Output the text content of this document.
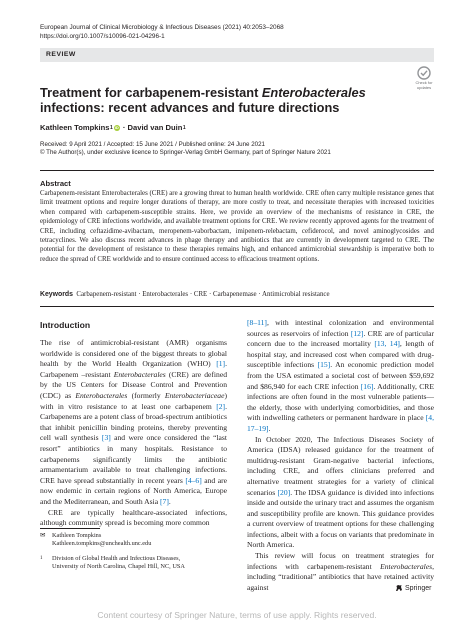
European Journal of Clinical Microbiology & Infectious Diseases (2021) 40:2053–2068
https://doi.org/10.1007/s10096-021-04296-1
REVIEW
Check for
updates
Treatment for carbapenem-resistant Enterobacterales infections: recent advances and future directions
Kathleen Tompkins 1 iD · David van Duin 1
Received: 9 April 2021 / Accepted: 15 June 2021 / Published online: 24 June 2021
© The Author(s), under exclusive licence to Springer-Verlag GmbH Germany, part of Springer Nature 2021
Abstract
Carbapenem-resistant Enterobacterales (CRE) are a growing threat to human health worldwide. CRE often carry multiple resistance genes that limit treatment options and require longer durations of therapy, are more costly to treat, and necessitate therapies with increased toxicities when compared with carbapenem-susceptible strains. Here, we provide an overview of the mechanisms of resistance in CRE, the epidemiology of CRE infections worldwide, and available treatment options for CRE. We review recently approved agents for the treatment of CRE, including ceftazidime-avibactam, meropenem-vaborbactam, imipenem-relebactam, cefiderocol, and novel aminoglycosides and tetracyclines. We also discuss recent advances in phage therapy and antibiotics that are currently in development targeted to CRE. The potential for the development of resistance to these therapies remains high, and enhanced antimicrobial stewardship is imperative both to reduce the spread of CRE worldwide and to ensure continued access to efficacious treatment options.
Keywords Carbapenem-resistant · Enterobacterales · CRE · Carbapenemase · Antimicrobial resistance
Introduction

The rise of antimicrobial-resistant (AMR) organisms worldwide is considered one of the biggest threats to global health by the World Health Organization (WHO) [1]. Carbapenem –resistant Enterobacterales (CRE) are defined by the US Centers for Disease Control and Prevention (CDC) as Enterobacterales (formerly Enterobacteriaceae) with in vitro resistance to at least one carbapenem [2]. Carbapenems are a potent class of broad-spectrum antibiotics that inhibit penicillin binding proteins, thereby preventing cell wall synthesis [3] and were once considered the “last resort” antibiotics in many hospitals. Resistance to carbapenems significantly limits the antibiotic armamentarium available to treat challenging infections. CRE have spread substantially in recent years [4–6] and are now endemic in certain regions of North America, Europe and the Mediterranean, and South Asia [7].

CRE are typically healthcare-associated infections, although community spread is becoming more common

[8–11], with intestinal colonization and environmental sources as reservoirs of infection [12]. CRE are of particular concern due to the increased mortality [13, 14], length of hospital stay, and increased cost when compared with drug-susceptible infections [15]. An economic prediction model from the USA estimated a societal cost of between $59,692 and $86,940 for each CRE infection [16]. Additionally, CRE infections are often found in the most vulnerable patients—the elderly, those with underlying comorbidities, and those with indwelling catheters or permanent hardware in place [4, 17–19].

In October 2020, The Infectious Diseases Society of America (IDSA) released guidance for the treatment of multidrug-resistant Gram-negative bacterial infections, including CRE, and offers clinicians preferred and alternative treatment strategies for a variety of clinical scenarios [20]. The IDSA guidance is divided into infections inside and outside the urinary tract and assumes the organism and susceptibility profile are known. This guidance provides a current overview of treatment options for these challenging infections, albeit with a focus on variants that predominate in North America.

This review will focus on treatment strategies for infections with carbapenem-resistant Enterobacterales, including “traditional” antibiotics that have retained activity against

✉	Kathleen Tompkins
Kathleen.tompkins@unchealth.unc.edu
1	Division of Global Health and Infectious Diseases,
University of North Carolina, Chapel Hill, NC, USA
Springer
Content courtesy of Springer Nature, terms of use apply. Rights reserved.
